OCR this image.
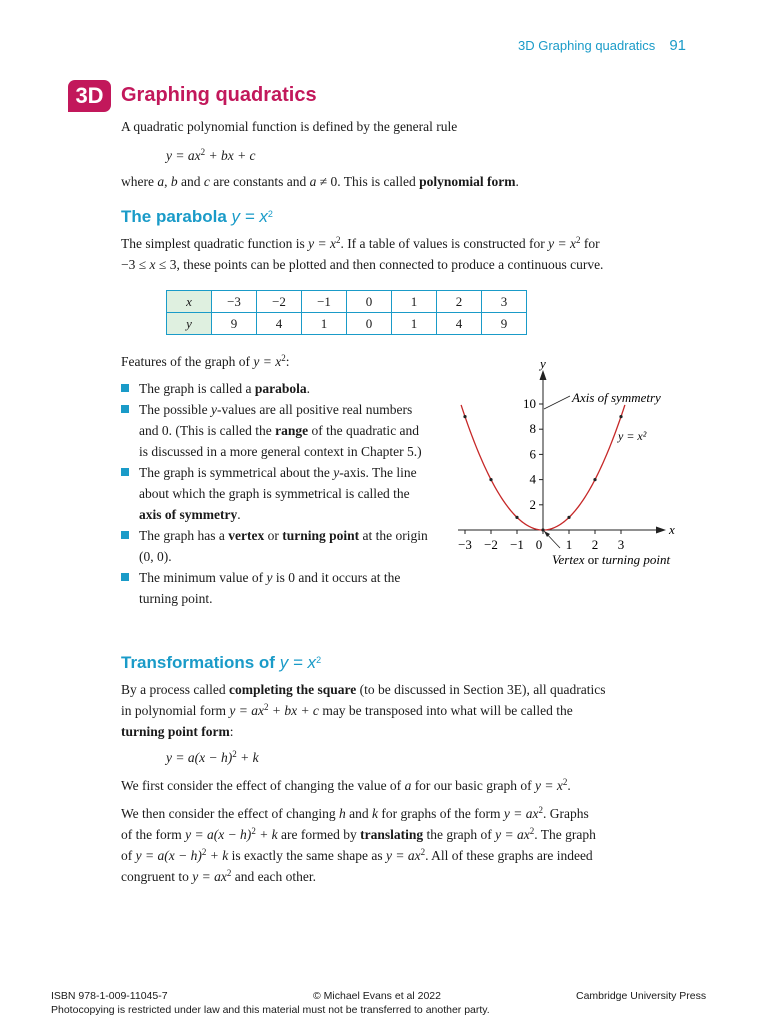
3D Graphing quadratics 91
3D Graphing quadratics
A quadratic polynomial function is defined by the general rule
$y = ax^2$ + bx + c
where a, b and c are constants and a ≠ 0. This is called polynomial form.
The parabola $y = x^2$
The simplest quadratic function is $y = x^2$. If a table of values is constructed for $y = x^2$ for
−3 ≤ x ≤ 3, these points can be plotted and then connected to produce a continuous curve.
x	−3	−2	−1	0	1	2	3
y	9	4	1	0	1	4	9
Features of the graph of $y = x^2$:
The graph is called a parabola.
The possible y-values are all positive real numbers and 0. (This is called the range of the quadratic and is discussed in a more general context in Chapter 5.)
The graph is symmetrical about the y-axis. The line about which the graph is symmetrical is called the axis of symmetry.
The graph has a vertex or turning point at the origin (0, 0).
The minimum value of y is 0 and it occurs at the turning point.
y
x
Axis of symmetry
y = x²
Vertex or turning point
2
4
6
8
10
−3 −2 −1 0 1 2 3
Transformations of $y = x^2$
By a process called completing the square (to be discussed in Section 3E), all quadratics
in polynomial form $y = ax^2$ + bx + c may be transposed into what will be called the
turning point form:
$y = a(x - h)^2 + k$
We first consider the effect of changing the value of a for our basic graph of $y = x^2$.
We then consider the effect of changing h and k for graphs of the form $y = ax^2$. Graphs
of the form $y = a(x - h)^2 + k$ are formed by translating the graph of $y = ax^2$. The graph
of $y = a(x - h)^2 + k$ is exactly the same shape as $y = ax^2$. All of these graphs are indeed
congruent to $y = ax^2$ and each other.
ISBN 978-1-009-11045-7	© Michael Evans et al 2022	Cambridge University Press
Photocopying is restricted under law and this material must not be transferred to another party.
